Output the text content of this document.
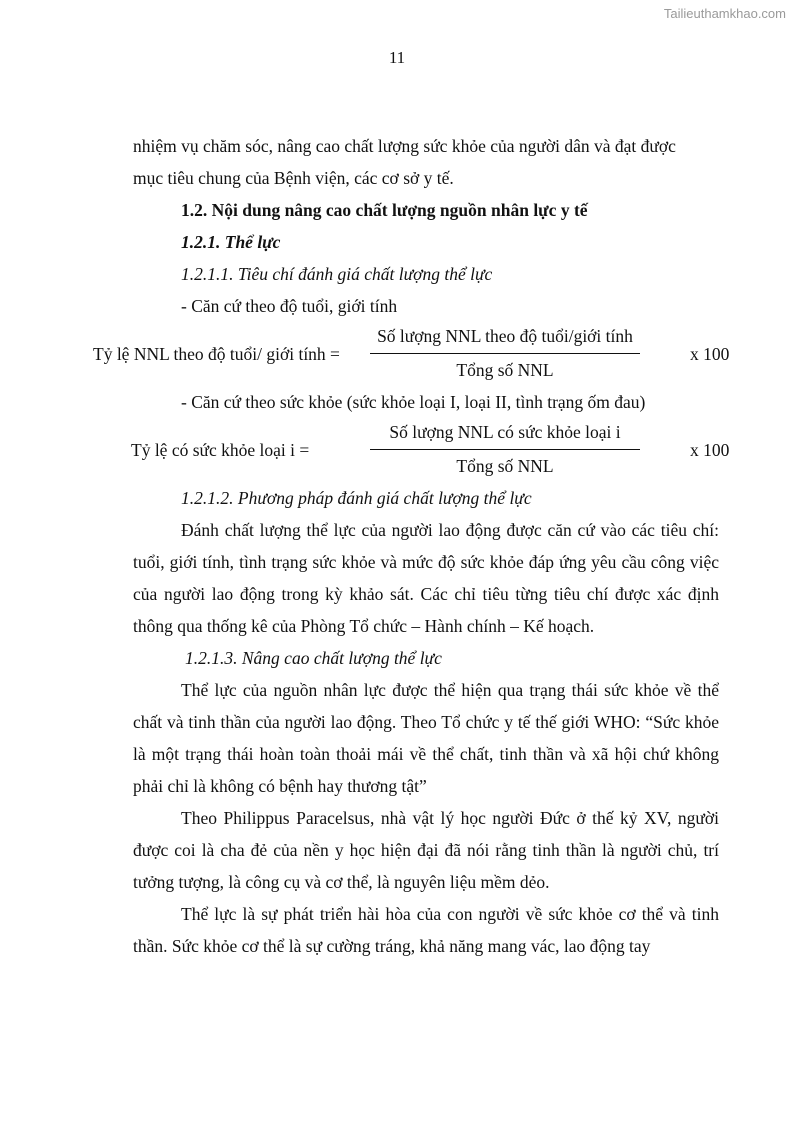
Tailieuthamkhao.com
11

nhiệm vụ chăm sóc, nâng cao chất lượng sức khỏe của người dân và đạt được

mục tiêu chung của Bệnh viện, các cơ sở y tế.

1.2. Nội dung nâng cao chất lượng nguồn nhân lực y tế

1.2.1. Thể lực

1.2.1.1. Tiêu chí đánh giá chất lượng thể lực

- Căn cứ theo độ tuổi, giới tính

Tỷ lệ NNL theo độ tuổi/ giới tính =
Số lượng NNL theo độ tuổi/giới tính
Tổng số NNL
x 100

- Căn cứ theo sức khỏe (sức khỏe loại I, loại II, tình trạng ốm đau)

Tỷ lệ có sức khỏe loại i =
Số lượng NNL có sức khỏe loại i
Tổng số NNL
x 100

1.2.1.2. Phương pháp đánh giá chất lượng thể lực

Đánh chất lượng thể lực của người lao động được căn cứ vào các tiêu chí: tuổi, giới tính, tình trạng sức khỏe và mức độ sức khỏe đáp ứng yêu cầu công việc của người lao động trong kỳ khảo sát. Các chỉ tiêu từng tiêu chí được xác định thông qua thống kê của Phòng Tổ chức – Hành chính – Kế hoạch.

1.2.1.3. Nâng cao chất lượng thể lực

Thể lực của nguồn nhân lực được thể hiện qua trạng thái sức khỏe về thể chất và tinh thần của người lao động. Theo Tổ chức y tế thế giới WHO: “Sức khỏe là một trạng thái hoàn toàn thoải mái về thể chất, tinh thần và xã hội chứ không phải chỉ là không có bệnh hay thương tật”

Theo Philippus Paracelsus, nhà vật lý học người Đức ở thế kỷ XV, người được coi là cha đẻ của nền y học hiện đại đã nói rằng tinh thần là người chủ, trí tưởng tượng, là công cụ và cơ thể, là nguyên liệu mềm dẻo.

Thể lực là sự phát triển hài hòa của con người về sức khỏe cơ thể và tinh thần. Sức khỏe cơ thể là sự cường tráng, khả năng mang vác, lao động tay
